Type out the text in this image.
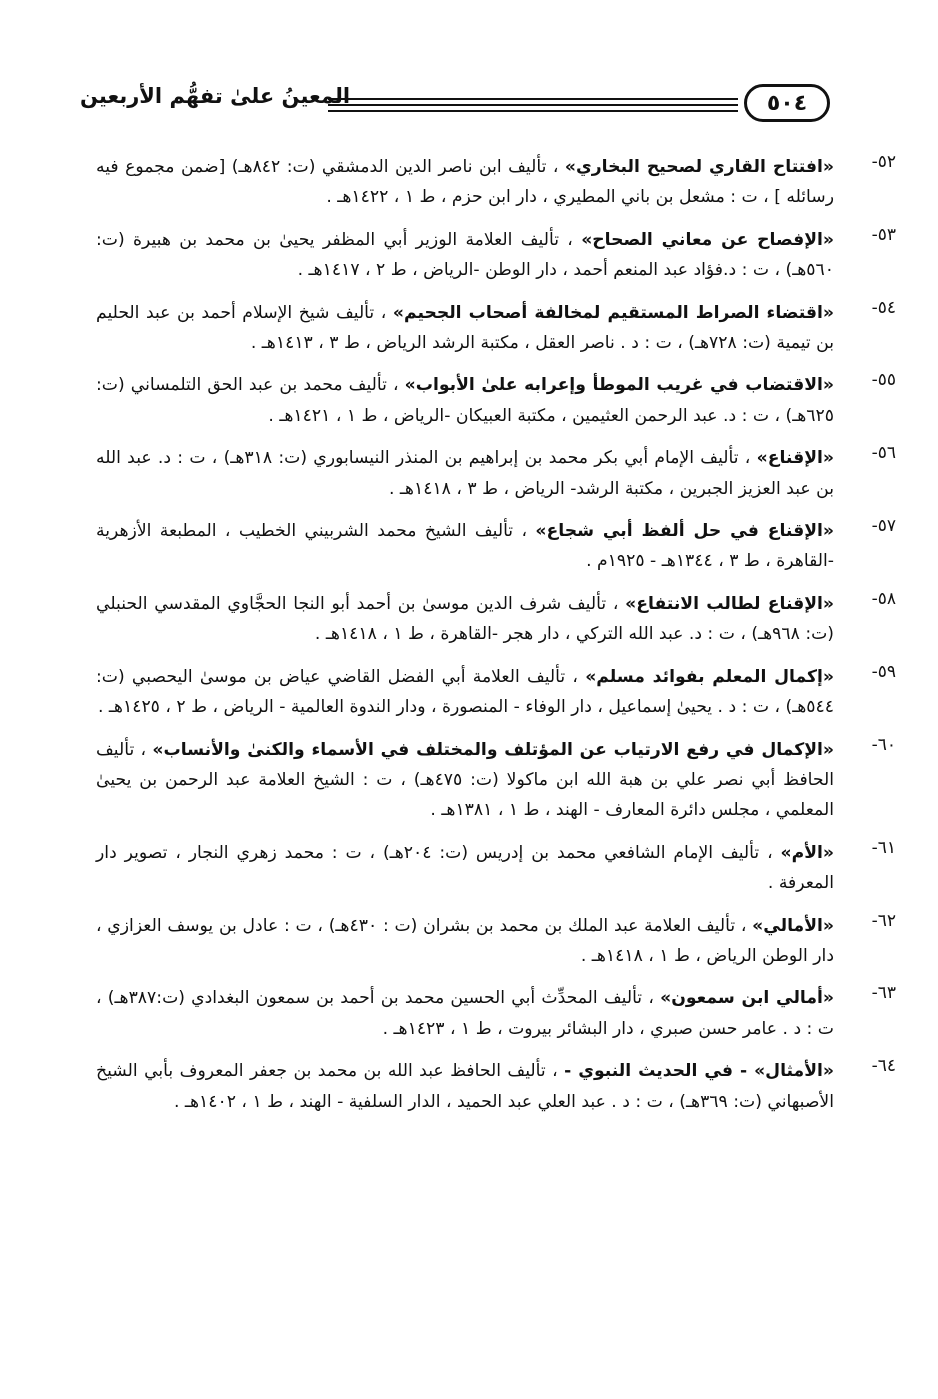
٥٠٤
المعينُ علىٰ تفهُّم الأربعين
٥٢-
«افتتاح القاري لصحيح البخاري» ، تأليف ابن ناصر الدين الدمشقي (ت: ٨٤٢هـ) [ضمن مجموع فيه رسائله ] ، ت : مشعل بن باني المطيري ، دار ابن حزم ، ط ١ ، ١٤٢٢هـ .
٥٣-
«الإفصاح عن معاني الصحاح» ، تأليف العلامة الوزير أبي المظفر يحيىٰ بن محمد بن هبيرة (ت: ٥٦٠هـ) ، ت : د.فؤاد عبد المنعم أحمد ، دار الوطن -الرياض ، ط ٢ ، ١٤١٧هـ .
٥٤-
«اقتضاء الصراط المستقيم لمخالفة أصحاب الجحيم» ، تأليف شيخ الإسلام أحمد بن عبد الحليم بن تيمية (ت: ٧٢٨هـ) ، ت : د . ناصر العقل ، مكتبة الرشد الرياض ، ط ٣ ، ١٤١٣هـ .
٥٥-
«الاقتضاب في غريب الموطأ وإعرابه علىٰ الأبواب» ، تأليف محمد بن عبد الحق التلمساني (ت: ٦٢٥هـ) ، ت : د. عبد الرحمن العثيمين ، مكتبة العبيكان -الرياض ، ط ١ ، ١٤٢١هـ .
٥٦-
«الإقناع» ، تأليف الإمام أبي بكر محمد بن إبراهيم بن المنذر النيسابوري (ت: ٣١٨هـ) ، ت : د. عبد الله بن عبد العزيز الجبرين ، مكتبة الرشد- الرياض ، ط ٣ ، ١٤١٨هـ .
٥٧-
«الإقناع في حل ألفظ أبي شجاع» ، تأليف الشيخ محمد الشربيني الخطيب ، المطبعة الأزهرية -القاهرة ، ط ٣ ، ١٣٤٤هـ - ١٩٢٥م .
٥٨-
«الإقناع لطالب الانتفاع» ، تأليف شرف الدين موسىٰ بن أحمد أبو النجا الحجَّاوي المقدسي الحنبلي (ت: ٩٦٨هـ) ، ت : د. عبد الله التركي ، دار هجر -القاهرة ، ط ١ ، ١٤١٨هـ .
٥٩-
«إكمال المعلم بفوائد مسلم» ، تأليف العلامة أبي الفضل القاضي عياض بن موسىٰ اليحصبي (ت: ٥٤٤هـ) ، ت : د . يحيىٰ إسماعيل ، دار الوفاء - المنصورة ، ودار الندوة العالمية - الرياض ، ط ٢ ، ١٤٢٥هـ .
٦٠-
«الإكمال في رفع الارتياب عن المؤتلف والمختلف في الأسماء والكنىٰ والأنساب» ، تأليف الحافظ أبي نصر علي بن هبة الله ابن ماكولا (ت: ٤٧٥هـ) ، ت : الشيخ العلامة عبد الرحمن بن يحيىٰ المعلمي ، مجلس دائرة المعارف - الهند ، ط ١ ، ١٣٨١هـ .
٦١-
«الأم» ، تأليف الإمام الشافعي محمد بن إدريس (ت: ٢٠٤هـ) ، ت : محمد زهري النجار ، تصوير دار المعرفة .
٦٢-
«الأمالي» ، تأليف العلامة عبد الملك بن محمد بن بشران (ت : ٤٣٠هـ) ، ت : عادل بن يوسف العزازي ، دار الوطن الرياض ، ط ١ ، ١٤١٨هـ .
٦٣-
«أمالي ابن سمعون» ، تأليف المحدِّث أبي الحسين محمد بن أحمد بن سمعون البغدادي (ت:٣٨٧هـ) ، ت : د . عامر حسن صبري ، دار البشائر بيروت ، ط ١ ، ١٤٢٣هـ .
٦٤-
«الأمثال» - في الحديث النبوي - ، تأليف الحافظ عبد الله بن محمد بن جعفر المعروف بأبي الشيخ الأصبهاني (ت: ٣٦٩هـ) ، ت : د . عبد العلي عبد الحميد ، الدار السلفية - الهند ، ط ١ ، ١٤٠٢هـ .
